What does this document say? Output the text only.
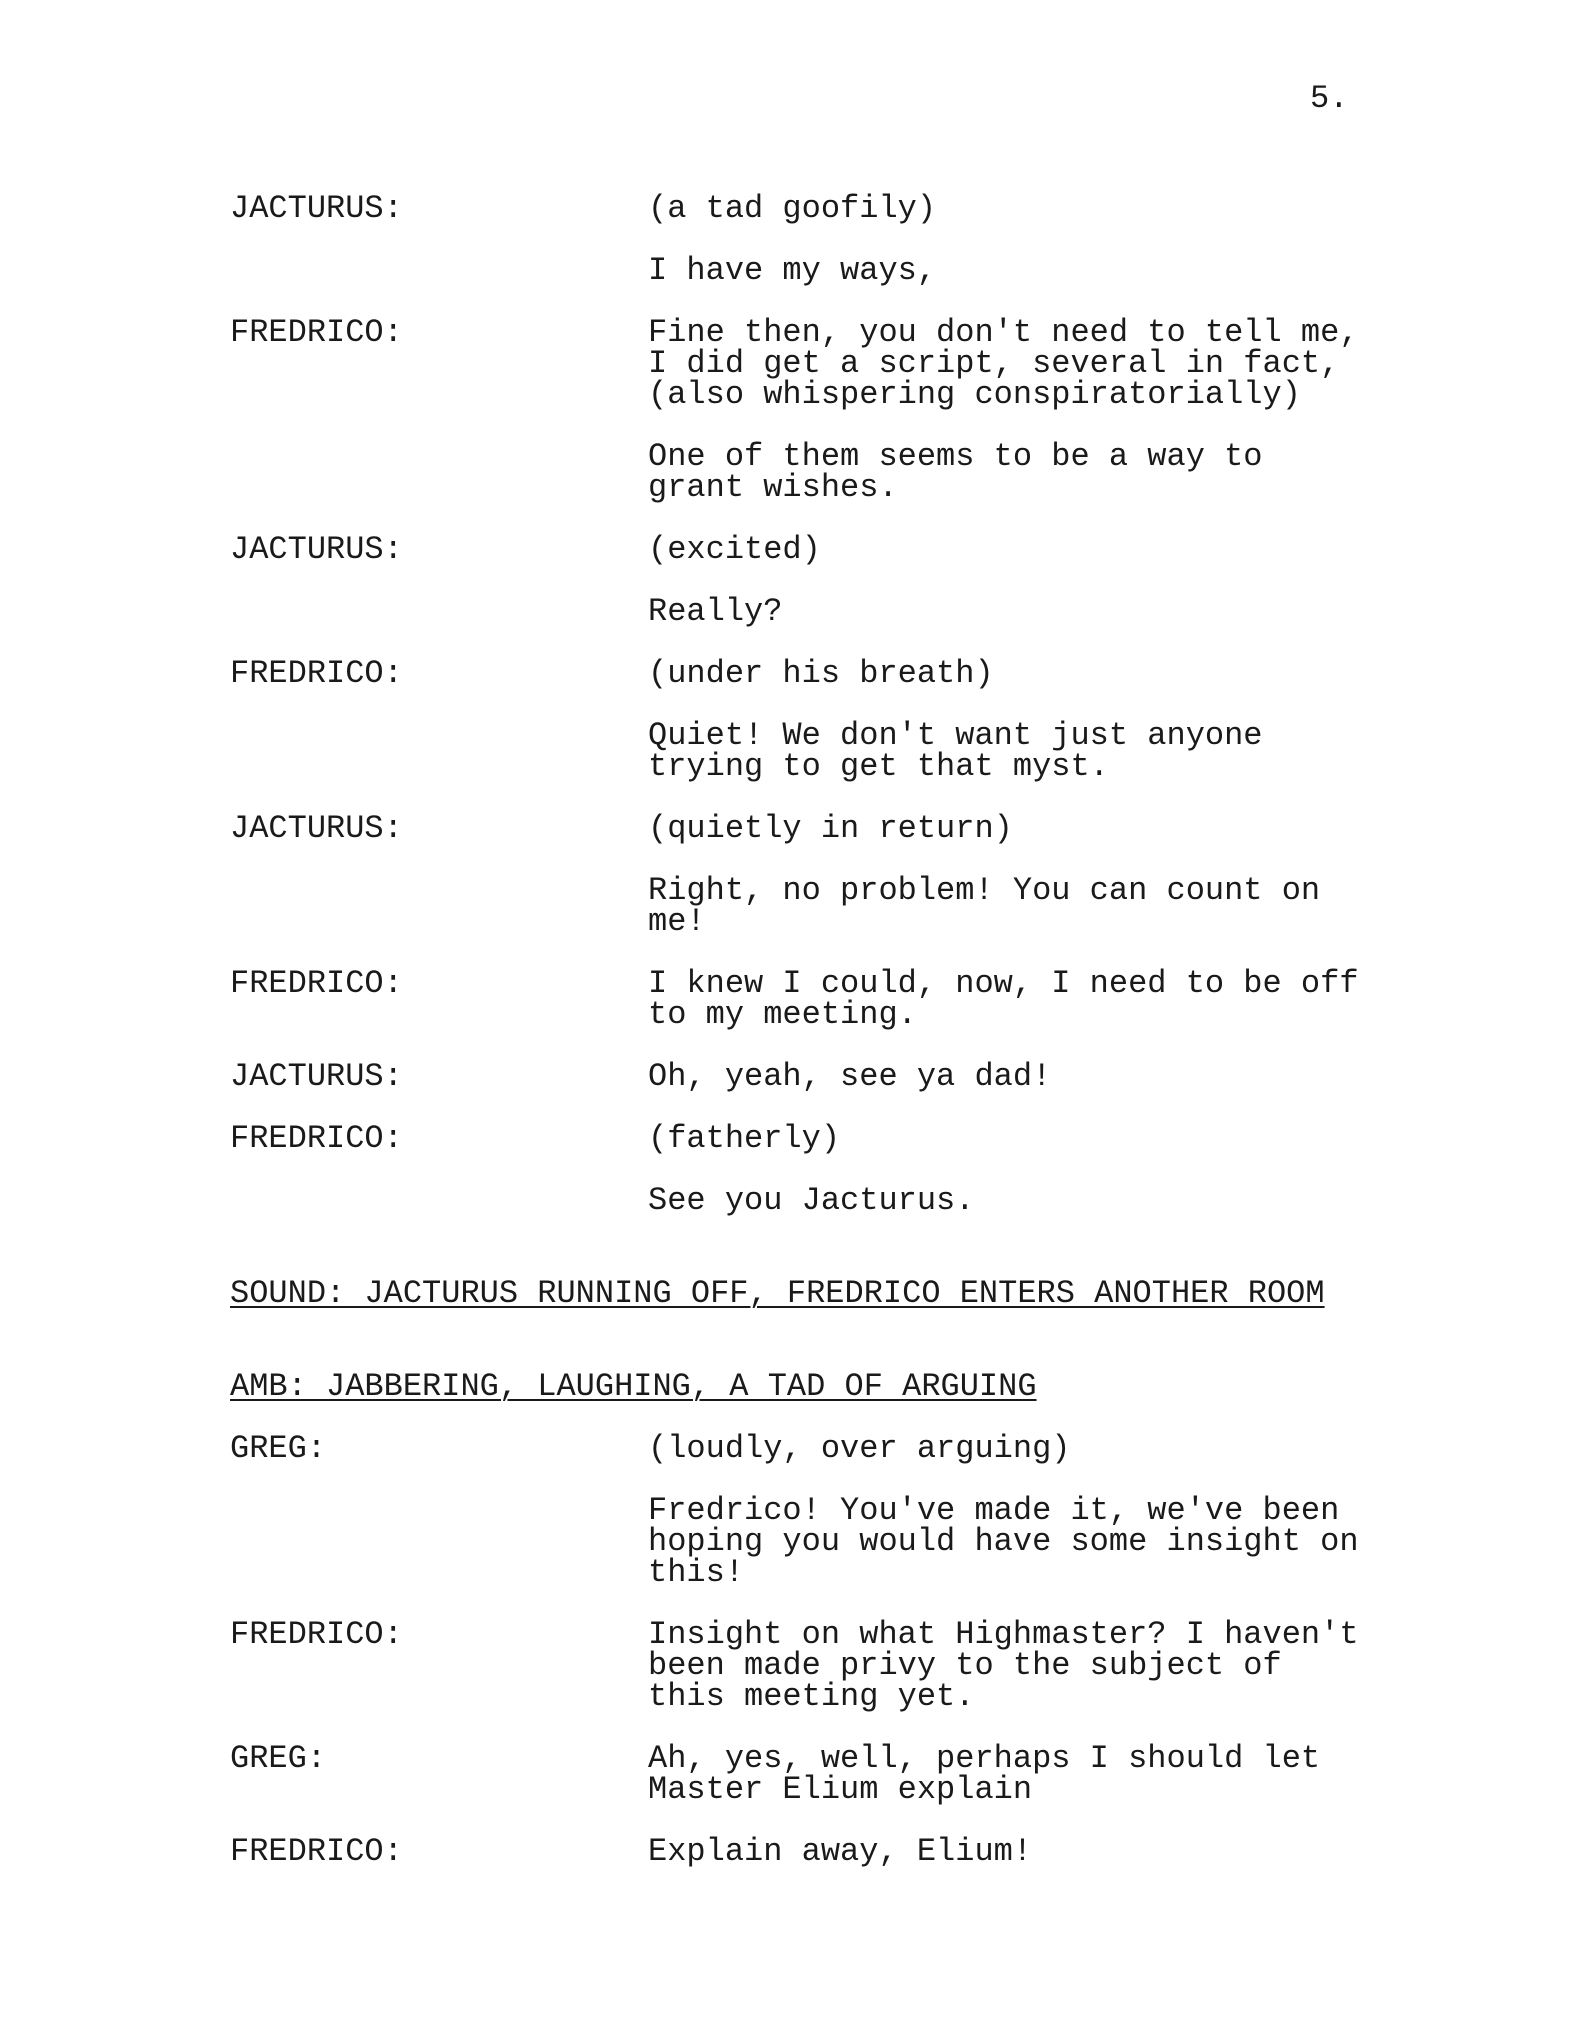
5.
JACTURUS:	(a tad goofily)
I have my ways,
FREDRICO:	Fine then, you don't need to tell me,
I did get a script, several in fact,
(also whispering conspiratorially)
One of them seems to be a way to
grant wishes.
JACTURUS:	(excited)
Really?
FREDRICO:	(under his breath)
Quiet! We don't want just anyone
trying to get that myst.
JACTURUS:	(quietly in return)
Right, no problem! You can count on
me!
FREDRICO:	I knew I could, now, I need to be off
to my meeting.
JACTURUS:	Oh, yeah, see ya dad!
FREDRICO:	(fatherly)
See you Jacturus.
SOUND: JACTURUS RUNNING OFF, FREDRICO ENTERS ANOTHER ROOM
AMB: JABBERING, LAUGHING, A TAD OF ARGUING
GREG:	(loudly, over arguing)
Fredrico! You've made it, we've been
hoping you would have some insight on
this!
FREDRICO:	Insight on what Highmaster? I haven't
been made privy to the subject of
this meeting yet.
GREG:	Ah, yes, well, perhaps I should let
Master Elium explain
FREDRICO:	Explain away, Elium!
